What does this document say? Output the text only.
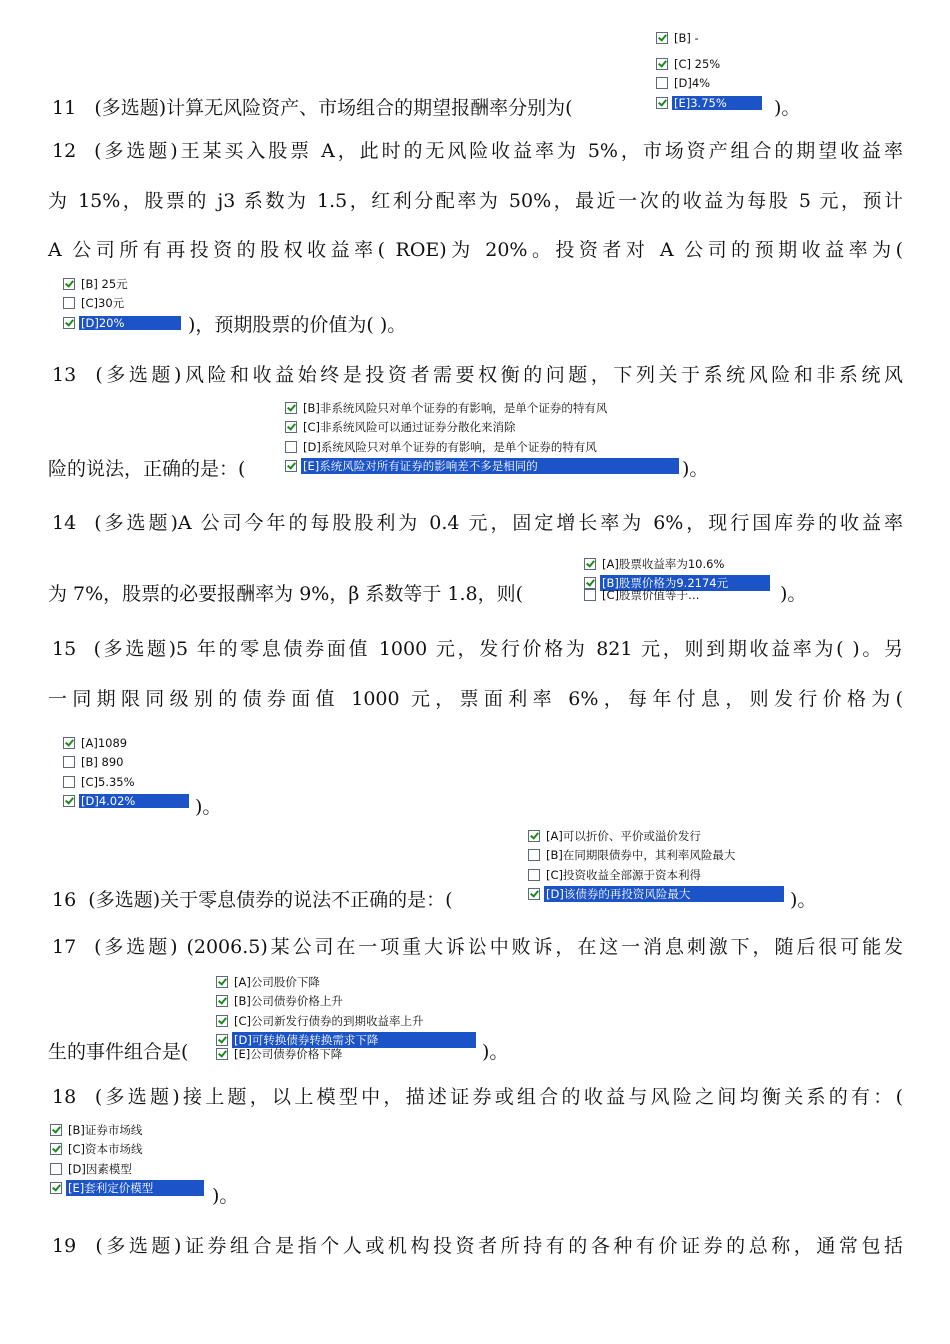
[B] -
[C] 25%
[D]4%
[E]3.75%
11 (多选题)计算无风险资产、市场组合的期望报酬率分别为(	)。
12 (多选题)王某买入股票 A，此时的无风险收益率为 5%，市场资产组合的期望收益率
为 15%，股票的 j3 系数为 1.5，红利分配率为 50%，最近一次的收益为每股 5 元，预计
A 公司所有再投资的股权收益率( ROE)为 20%。投资者对 A 公司的预期收益率为(
[B] 25元
[C]30元
[D]20%	)，预期股票的价值为( )。
13 (多选题)风险和收益始终是投资者需要权衡的问题，下列关于系统风险和非系统风
[B]非系统风险只对单个证券的有影响，是单个证券的特有风
[C]非系统风险可以通过证券分散化来消除
[D]系统风险只对单个证券的有影响，是单个证券的特有风
[E]系统风险对所有证券的影响差不多是相同的
险的说法，正确的是：(	)。
14 (多选题)A 公司今年的每股股利为 0.4 元，固定增长率为 6%，现行国库券的收益率
[A]股票收益率为10.6%
[B]股票价格为9.2174元
[C]股票价值等于…
为 7%，股票的必要报酬率为 9%，β 系数等于 1.8，则(	)。
15 (多选题)5 年的零息债券面值 1000 元，发行价格为 821 元，则到期收益率为( )。另
一同期限同级别的债券面值 1000 元，票面利率 6%，每年付息，则发行价格为(
[A]1089
[B] 890
[C]5.35%
[D]4.02%	)。
[A]可以折价、平价或溢价发行
[B]在同期限债券中，其利率风险最大
[C]投资收益全部源于资本利得
[D]该债券的再投资风险最大
16 (多选题)关于零息债券的说法不正确的是：(	)。
17 (多选题) (2006.5)某公司在一项重大诉讼中败诉，在这一消息刺激下，随后很可能发
[A]公司股价下降
[B]公司债券价格上升
[C]公司新发行债券的到期收益率上升
[D]可转换债券转换需求下降
[E]公司债券价格下降
生的事件组合是(	)。
18 (多选题)接上题，以上模型中，描述证券或组合的收益与风险之间均衡关系的有：(
[B]证券市场线
[C]资本市场线
[D]因素模型
[E]套利定价模型	)。
19 (多选题)证券组合是指个人或机构投资者所持有的各种有价证券的总称，通常包括
